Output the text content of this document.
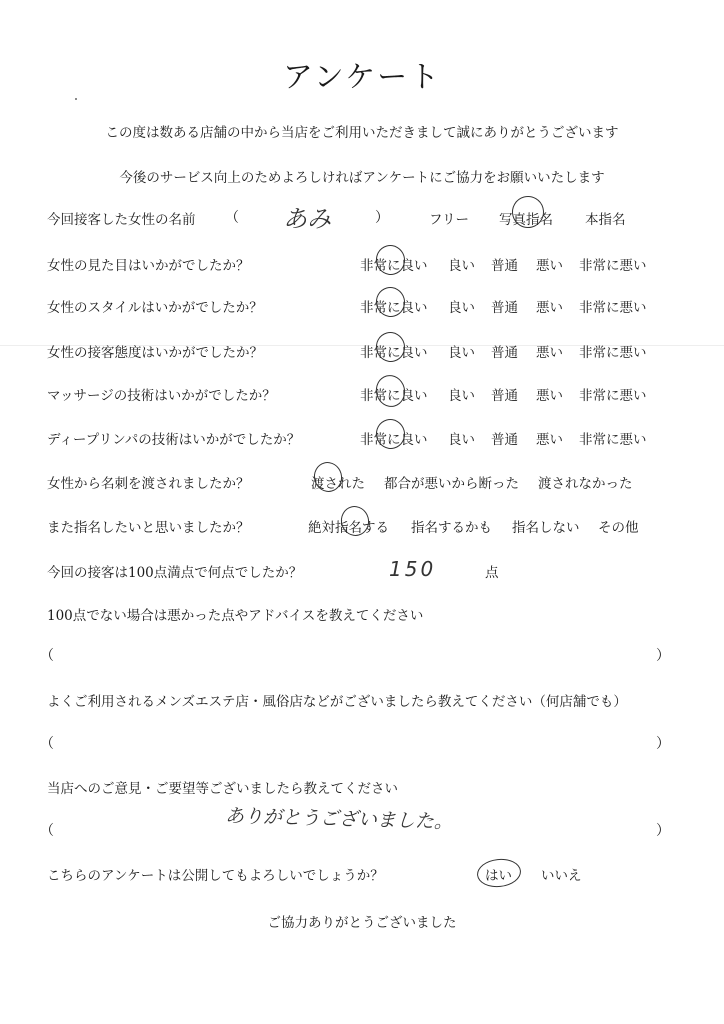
アンケート
この度は数ある店舗の中から当店をご利用いただきまして誠にありがとうございます
今後のサービス向上のためよろしければアンケートにご協力をお願いいたします
今回接客した女性の名前 （ あみ	）	フリー 写真指名 本指名
女性の見た目はいかがでしたか？	非常に良い 良い 普通 悪い 非常に悪い
女性のスタイルはいかがでしたか？	非常に良い 良い 普通 悪い 非常に悪い
女性の接客態度はいかがでしたか？	非常に良い 良い 普通 悪い 非常に悪い
マッサージの技術はいかがでしたか？	非常に良い 良い 普通 悪い 非常に悪い
ディープリンパの技術はいかがでしたか？	非常に良い 良い 普通 悪い 非常に悪い
女性から名刺を渡されましたか？	渡された 都合が悪いから断った 渡されなかった
また指名したいと思いましたか？	絶対指名する 指名するかも 指名しない その他
今回の接客は100点満点で何点でしたか？	150	点
100点でない場合は悪かった点やアドバイスを教えてください
（	）
よくご利用されるメンズエステ店・風俗店などがございましたら教えてください（何店舗でも）
（	）
当店へのご意見・ご要望等ございましたら教えてください
（	ありがとうございました。	）
こちらのアンケートは公開してもよろしいでしょうか？	はい いいえ
ご協力ありがとうございました
